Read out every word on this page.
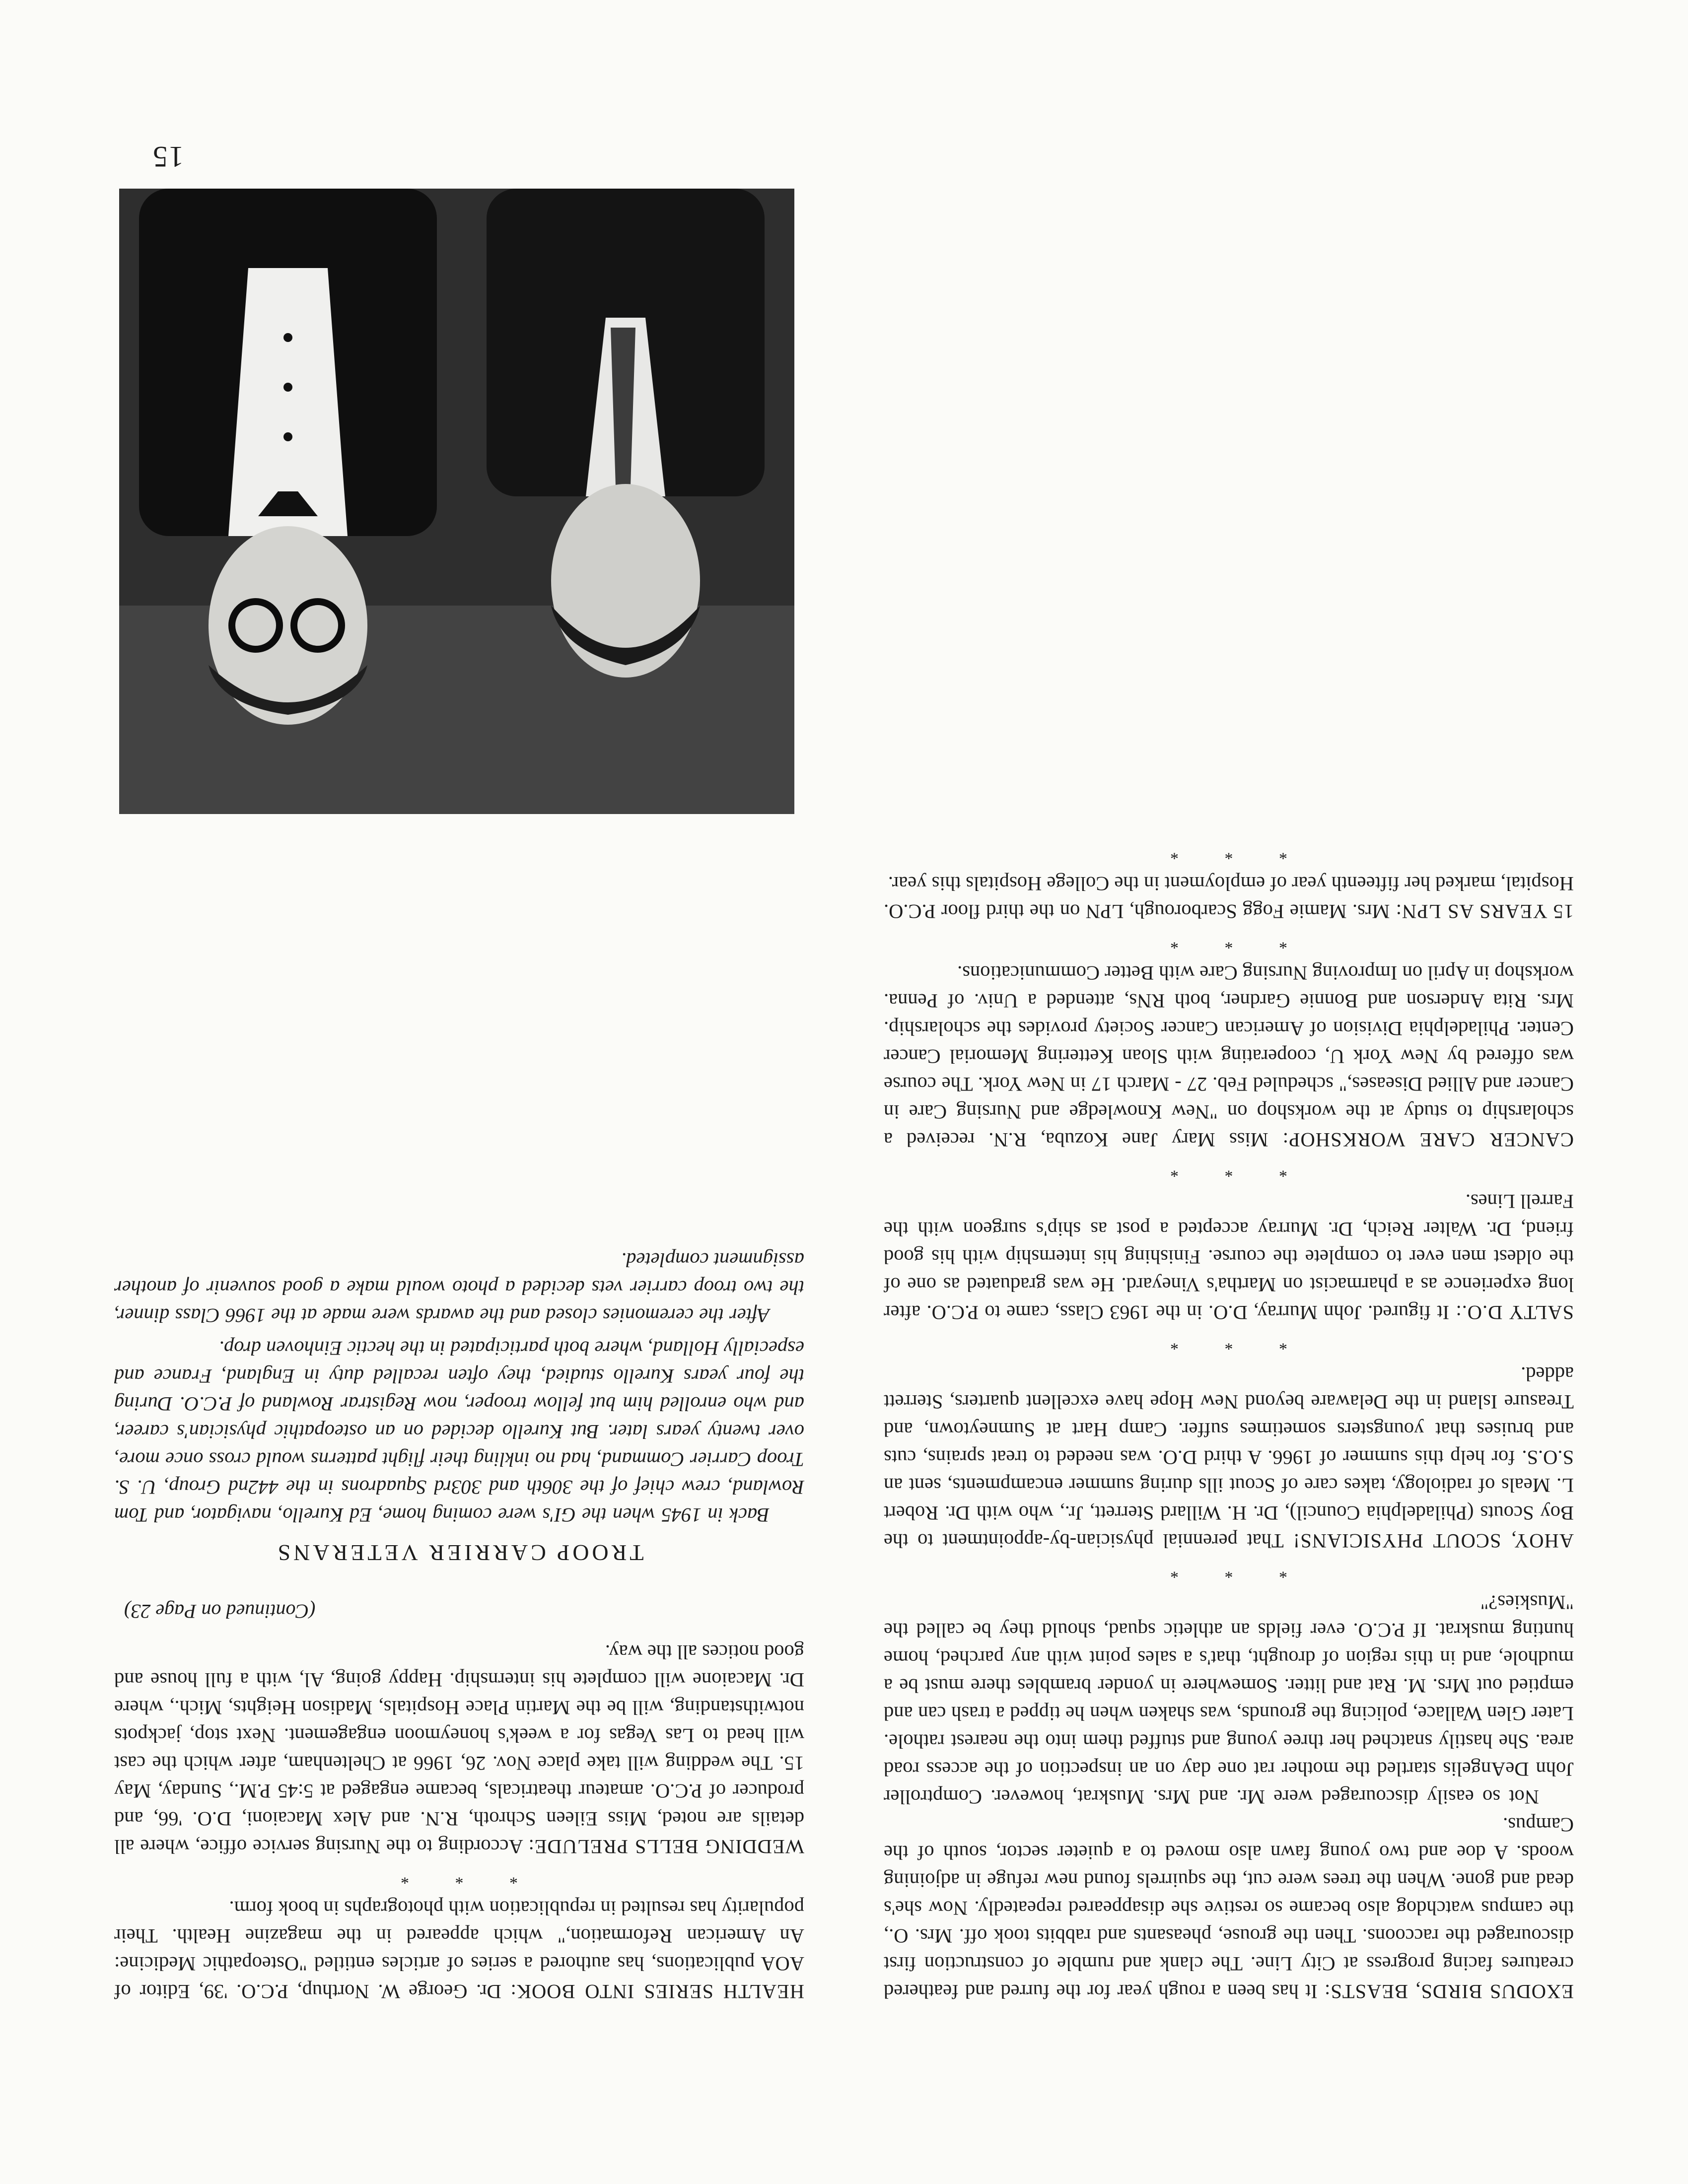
EXODUS BIRDS, BEASTS: It has been a rough year for the furred and feathered creatures facing progress at City Line. The clank and rumble of construction first discouraged the raccoons. Then the grouse, pheasants and rabbits took off. Mrs. O., the campus watchdog also became so restive she disappeared repeatedly. Now she's dead and gone. When the trees were cut, the squirrels found new refuge in adjoining woods. A doe and two young fawn also moved to a quieter sector, south of the Campus.

Not so easily discouraged were Mr. and Mrs. Muskrat, however. Comptroller John DeAngelis startled the mother rat one day on an inspection of the access road area. She hastily snatched her three young and stuffed them into the nearest rathole. Later Glen Wallace, policing the grounds, was shaken when he tipped a trash can and emptied out Mrs. M. Rat and litter. Somewhere in yonder brambles there must be a mudhole, and in this region of drought, that's a sales point with any parched, home hunting muskrat. If P.C.O. ever fields an athletic squad, should they be called the "Muskies?"

* * *

AHOY, SCOUT PHYSICIANS! That perennial physician-by-appointment to the Boy Scouts (Philadelphia Council), Dr. H. Willard Sterrett, Jr., who with Dr. Robert L. Meals of radiology, takes care of Scout ills during summer encampments, sent an S.O.S. for help this summer of 1966. A third D.O. was needed to treat sprains, cuts and bruises that youngsters sometimes suffer. Camp Hart at Sumneytown, and Treasure Island in the Delaware beyond New Hope have excellent quarters, Sterrett added.

* * *

SALTY D.O.: It figured. John Murray, D.O. in the 1963 Class, came to P.C.O. after long experience as a pharmacist on Martha's Vineyard. He was graduated as one of the oldest men ever to complete the course. Finishing his internship with his good friend, Dr. Walter Reich, Dr. Murray accepted a post as ship's surgeon with the Farrell Lines.

* * *

CANCER CARE WORKSHOP: Miss Mary Jane Kozuba, R.N. received a scholarship to study at the workshop on "New Knowledge and Nursing Care in Cancer and Allied Diseases," scheduled Feb. 27 - March 17 in New York. The course was offered by New York U, cooperating with Sloan Kettering Memorial Cancer Center. Philadelphia Division of American Cancer Society provides the scholarship. Mrs. Rita Anderson and Bonnie Gardner, both RNs, attended a Univ. of Penna. workshop in April on Improving Nursing Care with Better Communications.

* * *

15 YEARS AS LPN: Mrs. Mamie Fogg Scarborough, LPN on the third floor P.C.O. Hospital, marked her fifteenth year of employment in the College Hospitals this year.

* * *

HEALTH SERIES INTO BOOK: Dr. George W. Northup, P.C.O. '39, Editor of AOA publications, has authored a series of articles entitled "Osteopathic Medicine: An American Reformation," which appeared in the magazine Health. Their popularity has resulted in republication with photographs in book form.

* * *

WEDDING BELLS PRELUDE: According to the Nursing service office, where all details are noted, Miss Eileen Schroth, R.N. and Alex Macaioni, D.O. '66, and producer of P.C.O. amateur theatricals, became engaged at 5:45 P.M., Sunday, May 15. The wedding will take place Nov. 26, 1966 at Cheltenham, after which the cast will head to Las Vegas for a week's honeymoon engagement. Next stop, jackpots notwithstanding, will be the Martin Place Hospitals, Madison Heights, Mich., where Dr. Macaione will complete his internship. Happy going, Al, with a full house and good notices all the way.

(Continued on Page 23)
TROOP CARRIER VETERANS

Back in 1945 when the GI's were coming home, Ed Kurello, navigator, and Tom Rowland, crew chief of the 306th and 303rd Squadrons in the 442nd Group, U. S. Troop Carrier Command, had no inkling their flight patterns would cross once more, over twenty years later. But Kurello decided on an osteopathic physician's career, and who enrolled him but fellow trooper, now Registrar Rowland of P.C.O. During the four years Kurello studied, they often recalled duty in England, France and especially Holland, where both participated in the hectic Einhoven drop.

After the ceremonies closed and the awards were made at the 1966 Class dinner, the two troop carrier vets decided a photo would make a good souvenir of another assignment completed.

15
